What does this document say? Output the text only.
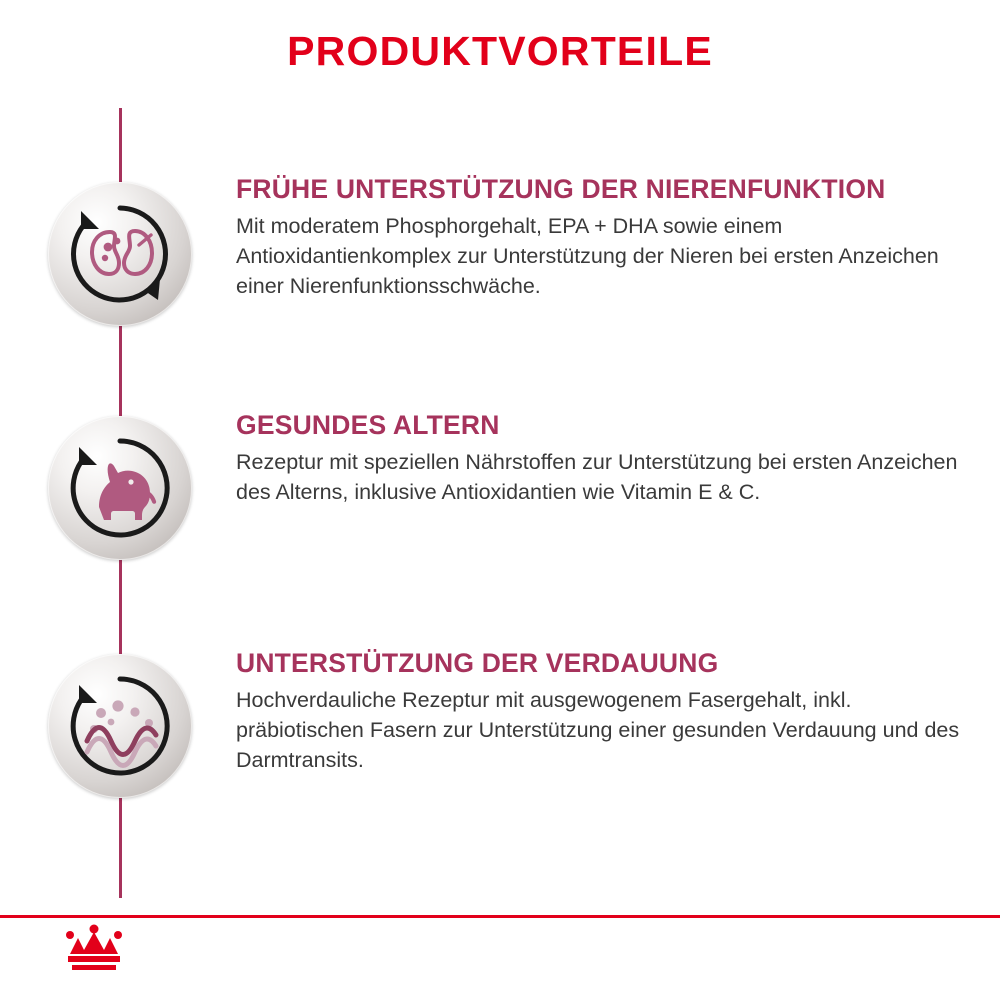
PRODUKTVORTEILE

FRÜHE UNTERSTÜTZUNG DER NIERENFUNKTION

Mit moderatem Phosphorgehalt, EPA + DHA sowie einem Antioxidantienkomplex zur Unterstützung der Nieren bei ersten Anzeichen einer Nierenfunktionsschwäche.

GESUNDES ALTERN

Rezeptur mit speziellen Nährstoffen zur Unterstützung bei ersten Anzeichen des Alterns, inklusive Antioxidantien wie Vitamin E & C.

UNTERSTÜTZUNG DER VERDAUUNG

Hochverdauliche Rezeptur mit ausgewogenem Fasergehalt, inkl. präbiotischen Fasern zur Unterstützung einer gesunden Verdauung und des Darmtransits.
